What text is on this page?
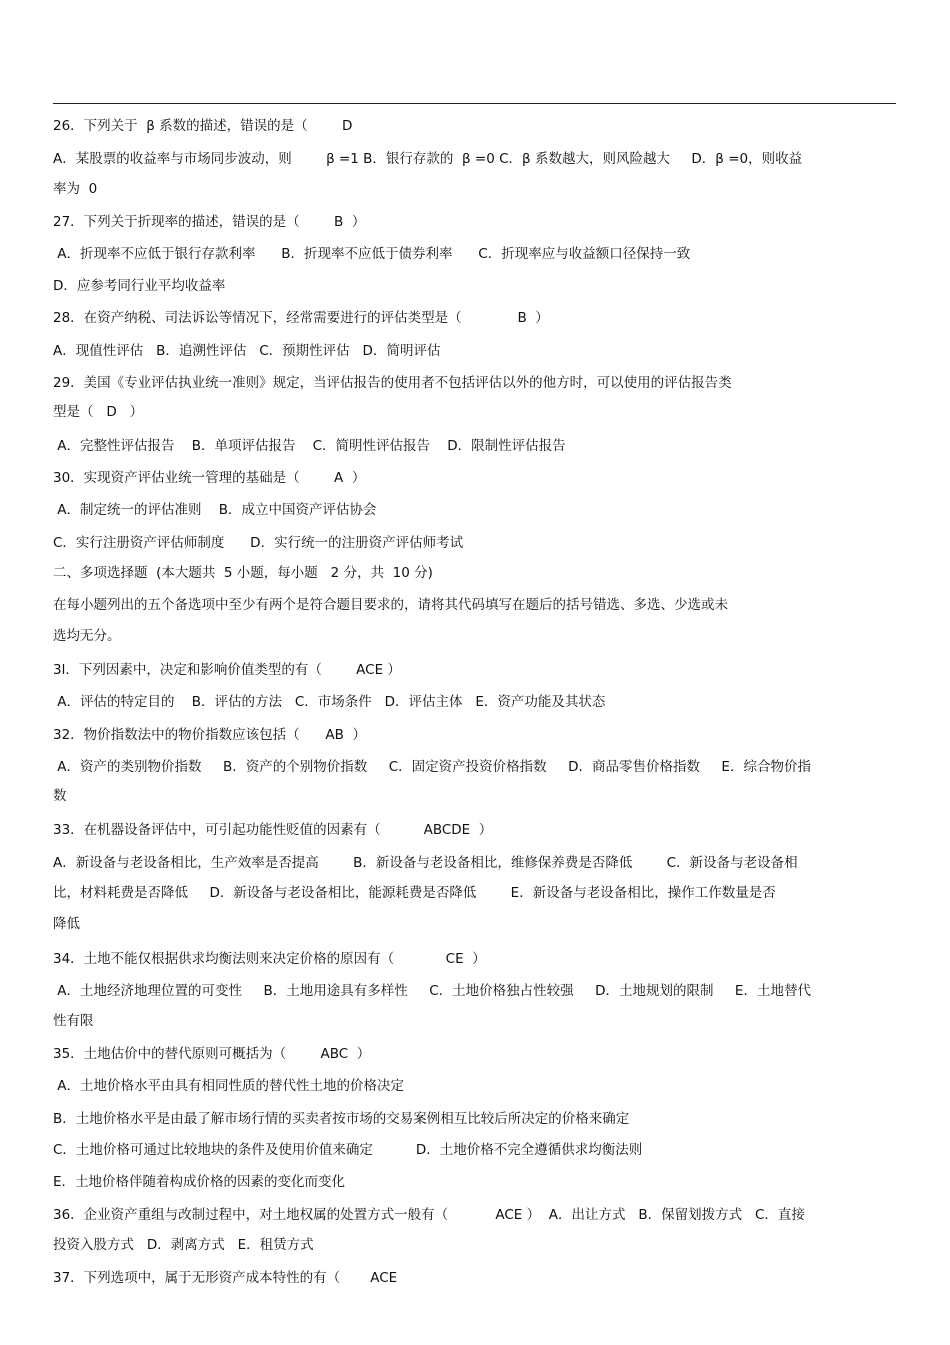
26．下列关于  β 系数的描述，错误的是（        D
A．某股票的收益率与市场同步波动，则        β =1 B．银行存款的  β =0 C．β 系数越大，则风险越大     D．β =0，则收益
率为  0
27．下列关于折现率的描述，错误的是（        B  ）
A．折现率不应低于银行存款利率      B．折现率不应低于债券利率      C．折现率应与收益额口径保持一致
D．应参考同行业平均收益率
28．在资产纳税、司法诉讼等情况下，经常需要进行的评估类型是（             B  ）
A．现值性评估   B．追溯性评估   C．预期性评估   D．简明评估
29．美国《专业评估执业统一准则》规定，当评估报告的使用者不包括评估以外的他方时，可以使用的评估报告类
型是（   D   ）
A．完整性评估报告    B．单项评估报告    C．简明性评估报告    D．限制性评估报告
30．实现资产评估业统一管理的基础是（        A  ）
A．制定统一的评估准则    B．成立中国资产评估协会
C．实行注册资产评估师制度      D．实行统一的注册资产评估师考试
二、多项选择题  (本大题共  5 小题，每小题   2 分，共  10 分)
在每小题列出的五个备选项中至少有两个是符合题目要求的，请将其代码填写在题后的括号错选、多选、少选或未
选均无分。
3l．下列因素中，决定和影响价值类型的有（        ACE ）
A．评估的特定目的    B．评估的方法   C．市场条件   D．评估主体   E．资产功能及其状态
32．物价指数法中的物价指数应该包括（      AB  ）
A．资产的类别物价指数     B．资产的个别物价指数     C．固定资产投资价格指数     D．商品零售价格指数     E．综合物价指
数
33．在机器设备评估中，可引起功能性贬值的因素有（          ABCDE  ）
A．新设备与老设备相比，生产效率是否提高        B．新设备与老设备相比，维修保养费是否降低        C．新设备与老设备相
比，材料耗费是否降低     D．新设备与老设备相比，能源耗费是否降低        E．新设备与老设备相比，操作工作数量是否
降低
34．土地不能仅根据供求均衡法则来决定价格的原因有（            CE  ）
A．土地经济地理位置的可变性     B．土地用途具有多样性     C．土地价格独占性较强     D．土地规划的限制     E．土地替代
性有限
35．土地估价中的替代原则可概括为（        ABC  ）
A．土地价格水平由具有相同性质的替代性土地的价格决定
B．土地价格水平是由最了解市场行情的买卖者按市场的交易案例相互比较后所决定的价格来确定
C．土地价格可通过比较地块的条件及使用价值来确定          D．土地价格不完全遵循供求均衡法则
E．土地价格伴随着构成价格的因素的变化而变化
36．企业资产重组与改制过程中，对土地权属的处置方式一般有（           ACE ）  A．出让方式   B．保留划拨方式   C．直接
投资入股方式   D．剥离方式   E．租赁方式
37．下列选项中，属于无形资产成本特性的有（       ACE
